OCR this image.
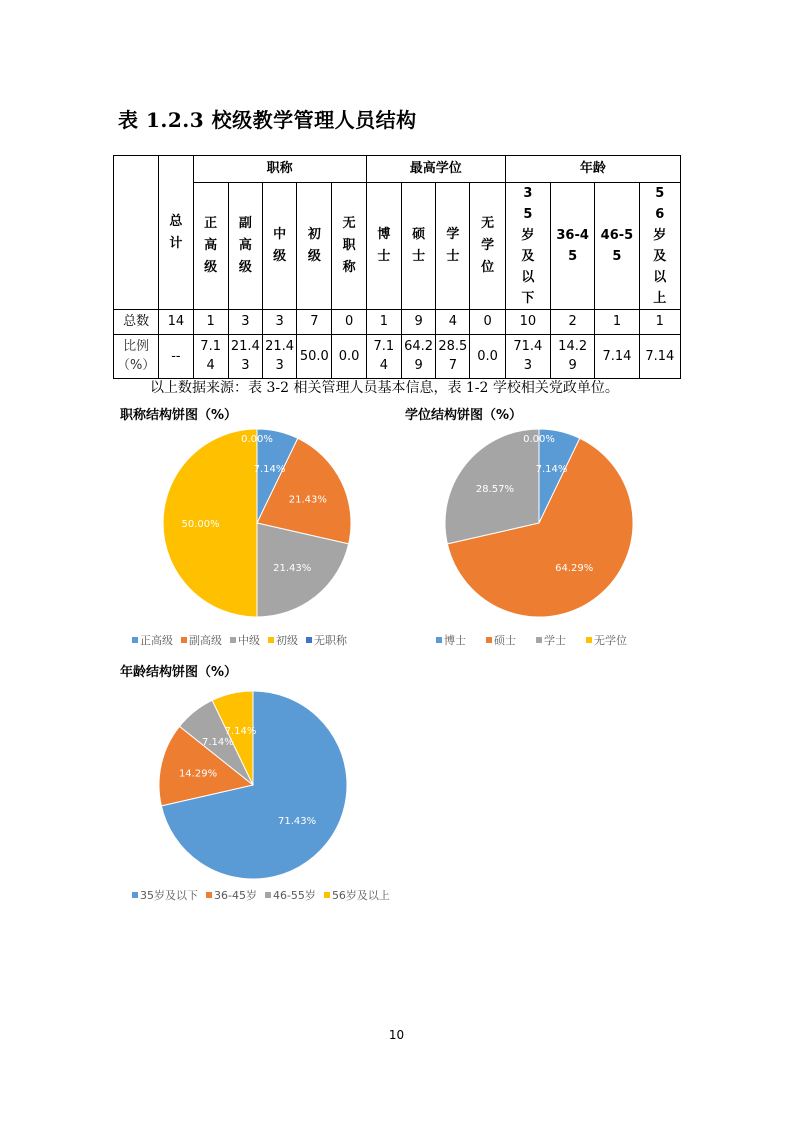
表 1.2.3 校级教学管理人员结构
	总计	职称					最高学位				年龄			
		正高级	副高级	中级	初级	无职称	博士	硕士	学士	无学位	35岁及以下	36-45	46-55	56岁及以上
总数	14	1	3	3	7	0	1	9	4	0	10	2	1	1
比例（%）	--	7.14	21.43	21.43	50.0	0.0	7.14	64.29	28.57	0.0	71.43	14.29	7.14	7.14
以上数据来源：表 3-2 相关管理人员基本信息，表 1-2 学校相关党政单位。
职称结构饼图（%）
7.14%
21.43%
21.43%
50.00%
0.00%
正高级 副高级 中级 初级 无职称
学位结构饼图（%）
7.14%
64.29%
28.57%
0.00%
博士	硕士	学士	无学位
年龄结构饼图（%）
71.43%
14.29%
7.14%
7.14%
35岁及以下 36-45岁 46-55岁 56岁及以上
10
